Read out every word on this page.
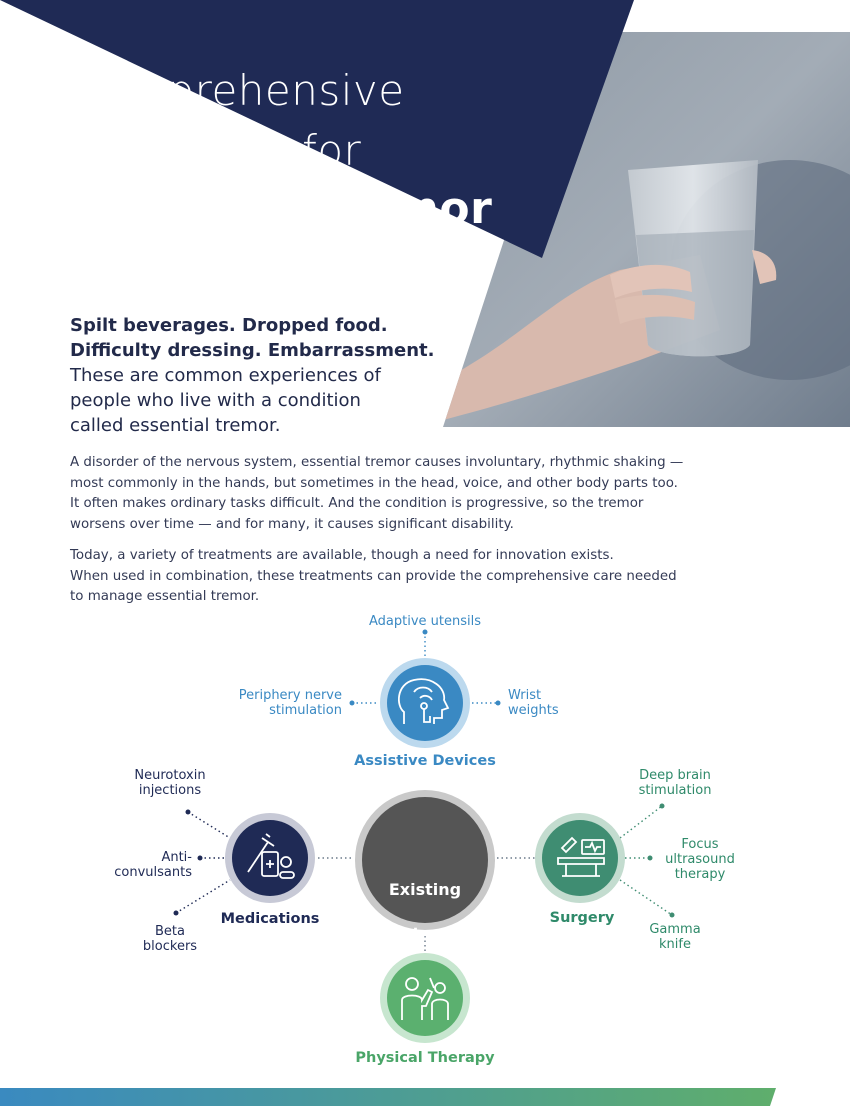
Comprehensive
Treatment for
Essential Tremor
Spilt beverages. Dropped food.
Difficulty dressing. Embarrassment.
These are common experiences of
people who live with a condition
called essential tremor.
A disorder of the nervous system, essential tremor causes involuntary, rhythmic shaking —
most commonly in the hands, but sometimes in the head, voice, and other body parts too.
It often makes ordinary tasks difficult. And the condition is progressive, so the tremor
worsens over time — and for many, it causes significant disability.
Today, a variety of treatments are available, though a need for innovation exists.
When used in combination, these treatments can provide the comprehensive care needed
to manage essential tremor.

Existing

Treatments

Adaptive utensils
Periphery nerve
stimulation
Wrist
weights
Assistive Devices
Neurotoxin
injections
Anti-
convulsants
Beta
blockers
Medications
Deep brain
stimulation
Focus
ultrasound
therapy
Gamma
knife
Surgery
Physical Therapy
